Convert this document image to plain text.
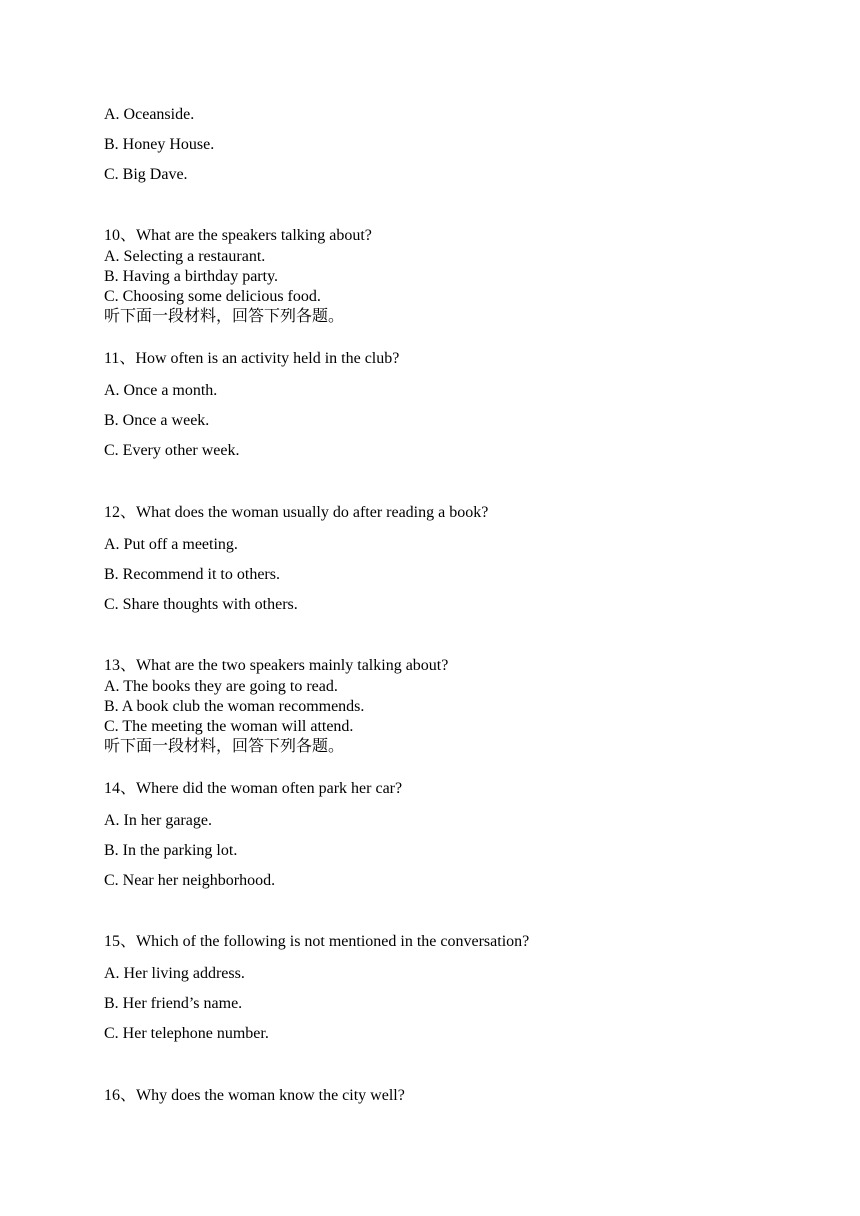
A. Oceanside.
B. Honey House.
C. Big Dave.
10、What are the speakers talking about?
A. Selecting a restaurant.
B. Having a birthday party.
C. Choosing some delicious food.
听下面一段材料，回答下列各题。
11、How often is an activity held in the club?
A. Once a month.
B. Once a week.
C. Every other week.
12、What does the woman usually do after reading a book?
A. Put off a meeting.
B. Recommend it to others.
C. Share thoughts with others.
13、What are the two speakers mainly talking about?
A. The books they are going to read.
B. A book club the woman recommends.
C. The meeting the woman will attend.
听下面一段材料，回答下列各题。
14、Where did the woman often park her car?
A. In her garage.
B. In the parking lot.
C. Near her neighborhood.
15、Which of the following is not mentioned in the conversation?
A. Her living address.
B. Her friend’s name.
C. Her telephone number.
16、Why does the woman know the city well?
